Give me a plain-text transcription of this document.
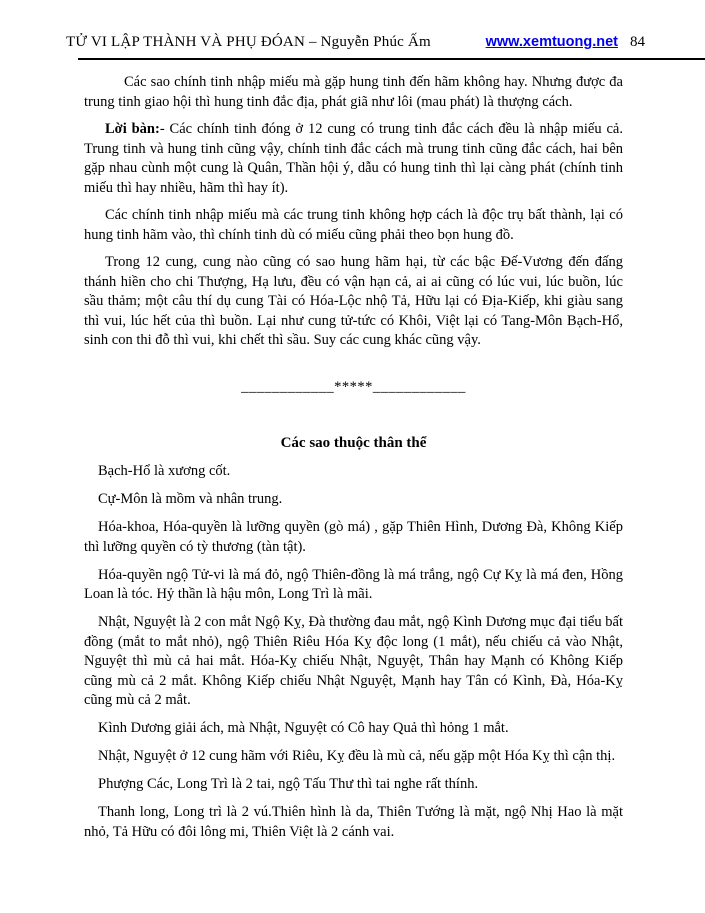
TỬ VI LẬP THÀNH VÀ PHỤ ĐÓAN – Nguyễn Phúc Ấm	www.xemtuong.net 84

Các sao chính tinh nhập miếu mà gặp hung tinh đến hãm không hay. Nhưng được đa trung tinh giao hội thì hung tinh đắc địa, phát giã như lôi (mau phát) là thượng cách.

Lời bàn:- Các chính tinh đóng ở 12 cung có trung tinh đắc cách đều là nhập miếu cả. Trung tinh và hung tinh cũng vậy, chính tinh đắc cách mà trung tinh cũng đắc cách, hai bên gặp nhau cùnh một cung là Quân, Thần hội ý, dẫu có hung tinh thì lại càng phát (chính tinh miếu thì hay nhiều, hãm thì hay ít).

Các chính tinh nhập miếu mà các trung tinh không hợp cách là độc trụ bất thành, lại có hung tinh hãm vào, thì chính tinh dù có miếu cũng phải theo bọn hung đồ.

Trong 12 cung, cung nào cũng có sao hung hãm hại, từ các bậc Đế-Vương đến đấng thánh hiền cho chi Thượng, Hạ lưu, đều có vận hạn cả, ai ai cũng có lúc vui, lúc buồn, lúc sầu thảm; một câu thí dụ cung Tài có Hóa-Lộc nhộ Tả, Hữu lại có Địa-Kiếp, khi giàu sang thì vui, lúc hết của thì buồn. Lại như cung tử-tức có Khôi, Việt lại có Tang-Môn Bạch-Hổ, sinh con thi đỗ thì vui, khi chết thì sầu. Suy các cung khác cũng vậy.

____________*****____________

Các sao thuộc thân thể

Bạch-Hổ là xương cốt.

Cự-Môn là mồm và nhân trung.

Hóa-khoa, Hóa-quyền là lưỡng quyền (gò má) , gặp Thiên Hình, Dương Đà, Không Kiếp thì lưỡng quyền có tỳ thương (tàn tật).

Hóa-quyền ngộ Tử-vi là má đỏ, ngộ Thiên-đồng là má trắng, ngộ Cự Kỵ là má đen, Hồng Loan là tóc. Hỷ thần là hậu môn, Long Trì là mãi.

Nhật, Nguyệt là 2 con mắt Ngộ Kỵ, Đà thường đau mắt, ngộ Kình Dương mục đại tiểu bất đồng (mắt to mắt nhỏ), ngộ Thiên Riêu Hóa Kỵ độc long (1 mắt), nếu chiếu cả vào Nhật, Nguyệt thì mù cả hai mắt. Hóa-Kỵ chiếu Nhật, Nguyệt, Thân hay Mạnh có Không Kiếp cũng mù cả 2 mắt. Không Kiếp chiếu Nhật Nguyệt, Mạnh hay Tân có Kình, Đà, Hóa-Kỵ cũng mù cả 2 mắt.

Kình Dương giải ách, mà Nhật, Nguyệt có Cô hay Quả thì hỏng 1 mắt.

Nhật, Nguyệt ở 12 cung hãm với Riêu, Kỵ đều là mù cả, nếu gặp một Hóa Kỵ thì cận thị.

Phượng Các, Long Trì là 2 tai, ngộ Tấu Thư thì tai nghe rất thính.

Thanh long, Long trì là 2 vú.Thiên hình là da, Thiên Tướng là mặt, ngộ Nhị Hao là mặt nhỏ, Tả Hữu có đôi lông mi, Thiên Việt là 2 cánh vai.
